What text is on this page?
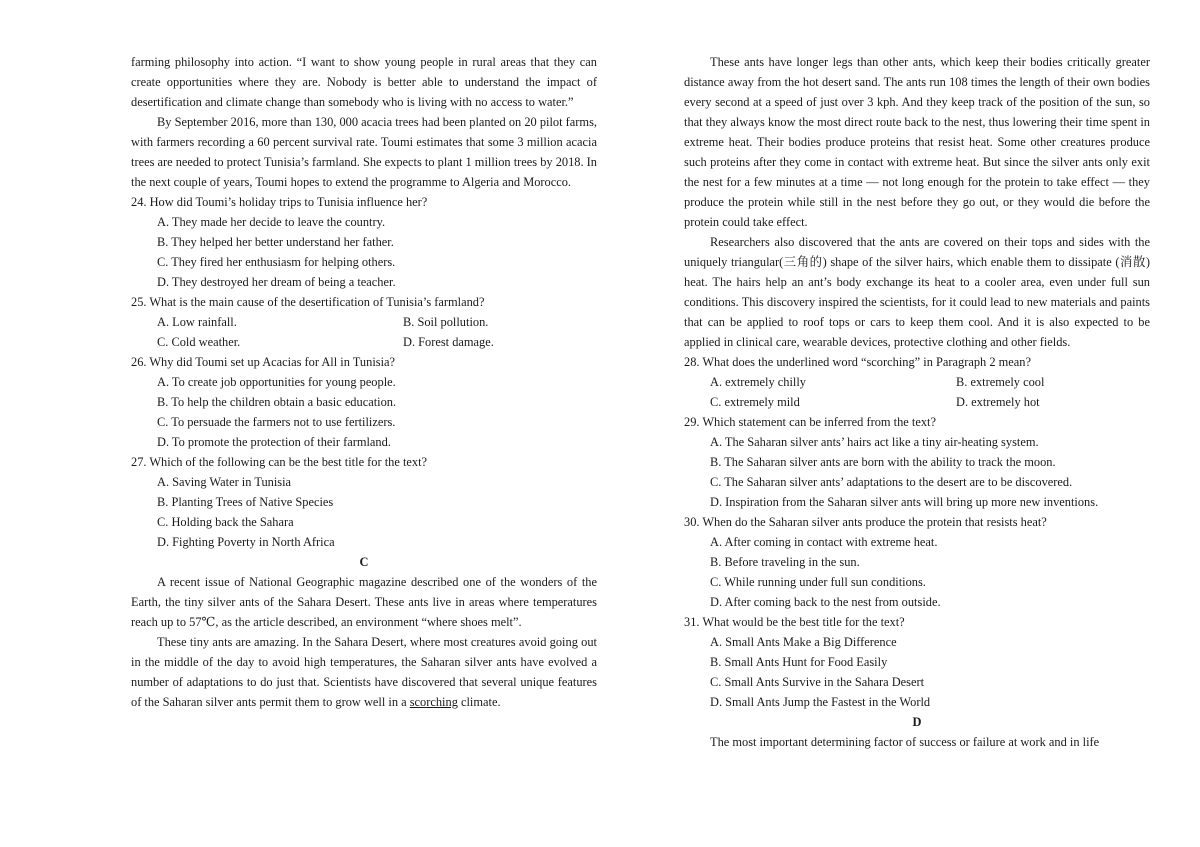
farming philosophy into action. “I want to show young people in rural areas that they can create opportunities where they are. Nobody is better able to understand the impact of desertification and climate change than somebody who is living with no access to water.”

By September 2016, more than 130, 000 acacia trees had been planted on 20 pilot farms, with farmers recording a 60 percent survival rate. Toumi estimates that some 3 million acacia trees are needed to protect Tunisia’s farmland. She expects to plant 1 million trees by 2018. In the next couple of years, Toumi hopes to extend the programme to Algeria and Morocco.

24. How did Toumi’s holiday trips to Tunisia influence her?

A. They made her decide to leave the country.

B. They helped her better understand her father.

C. They fired her enthusiasm for helping others.

D. They destroyed her dream of being a teacher.

25. What is the main cause of the desertification of Tunisia’s farmland?

A. Low rainfall.	B. Soil pollution.
C. Cold weather.	D. Forest damage.

26. Why did Toumi set up Acacias for All in Tunisia?

A. To create job opportunities for young people.

B. To help the children obtain a basic education.

C. To persuade the farmers not to use fertilizers.

D. To promote the protection of their farmland.

27. Which of the following can be the best title for the text?

A. Saving Water in Tunisia

B. Planting Trees of Native Species

C. Holding back the Sahara

D. Fighting Poverty in North Africa

C

A recent issue of National Geographic magazine described one of the wonders of the Earth, the tiny silver ants of the Sahara Desert. These ants live in areas where temperatures reach up to 57℃, as the article described, an environment “where shoes melt”.

These tiny ants are amazing. In the Sahara Desert, where most creatures avoid going out in the middle of the day to avoid high temperatures, the Saharan silver ants have evolved a number of adaptations to do just that. Scientists have discovered that several unique features of the Saharan silver ants permit them to grow well in a scorching climate.

These ants have longer legs than other ants, which keep their bodies critically greater distance away from the hot desert sand. The ants run 108 times the length of their own bodies every second at a speed of just over 3 kph. And they keep track of the position of the sun, so that they always know the most direct route back to the nest, thus lowering their time spent in extreme heat. Their bodies produce proteins that resist heat. Some other creatures produce such proteins after they come in contact with extreme heat. But since the silver ants only exit the nest for a few minutes at a time — not long enough for the protein to take effect — they produce the protein while still in the nest before they go out, or they would die before the protein could take effect.

Researchers also discovered that the ants are covered on their tops and sides with the uniquely triangular(三角的) shape of the silver hairs, which enable them to dissipate (消散) heat. The hairs help an ant’s body exchange its heat to a cooler area, even under full sun conditions. This discovery inspired the scientists, for it could lead to new materials and paints that can be applied to roof tops or cars to keep them cool. And it is also expected to be applied in clinical care, wearable devices, protective clothing and other fields.

28. What does the underlined word “scorching” in Paragraph 2 mean?

A. extremely chilly	B. extremely cool
C. extremely mild	D. extremely hot

29. Which statement can be inferred from the text?

A. The Saharan silver ants’ hairs act like a tiny air-heating system.

B. The Saharan silver ants are born with the ability to track the moon.

C. The Saharan silver ants’ adaptations to the desert are to be discovered.

D. Inspiration from the Saharan silver ants will bring up more new inventions.

30. When do the Saharan silver ants produce the protein that resists heat?

A. After coming in contact with extreme heat.

B. Before traveling in the sun.

C. While running under full sun conditions.

D. After coming back to the nest from outside.

31. What would be the best title for the text?

A. Small Ants Make a Big Difference

B. Small Ants Hunt for Food Easily

C. Small Ants Survive in the Sahara Desert

D. Small Ants Jump the Fastest in the World

D

The most important determining factor of success or failure at work and in life
